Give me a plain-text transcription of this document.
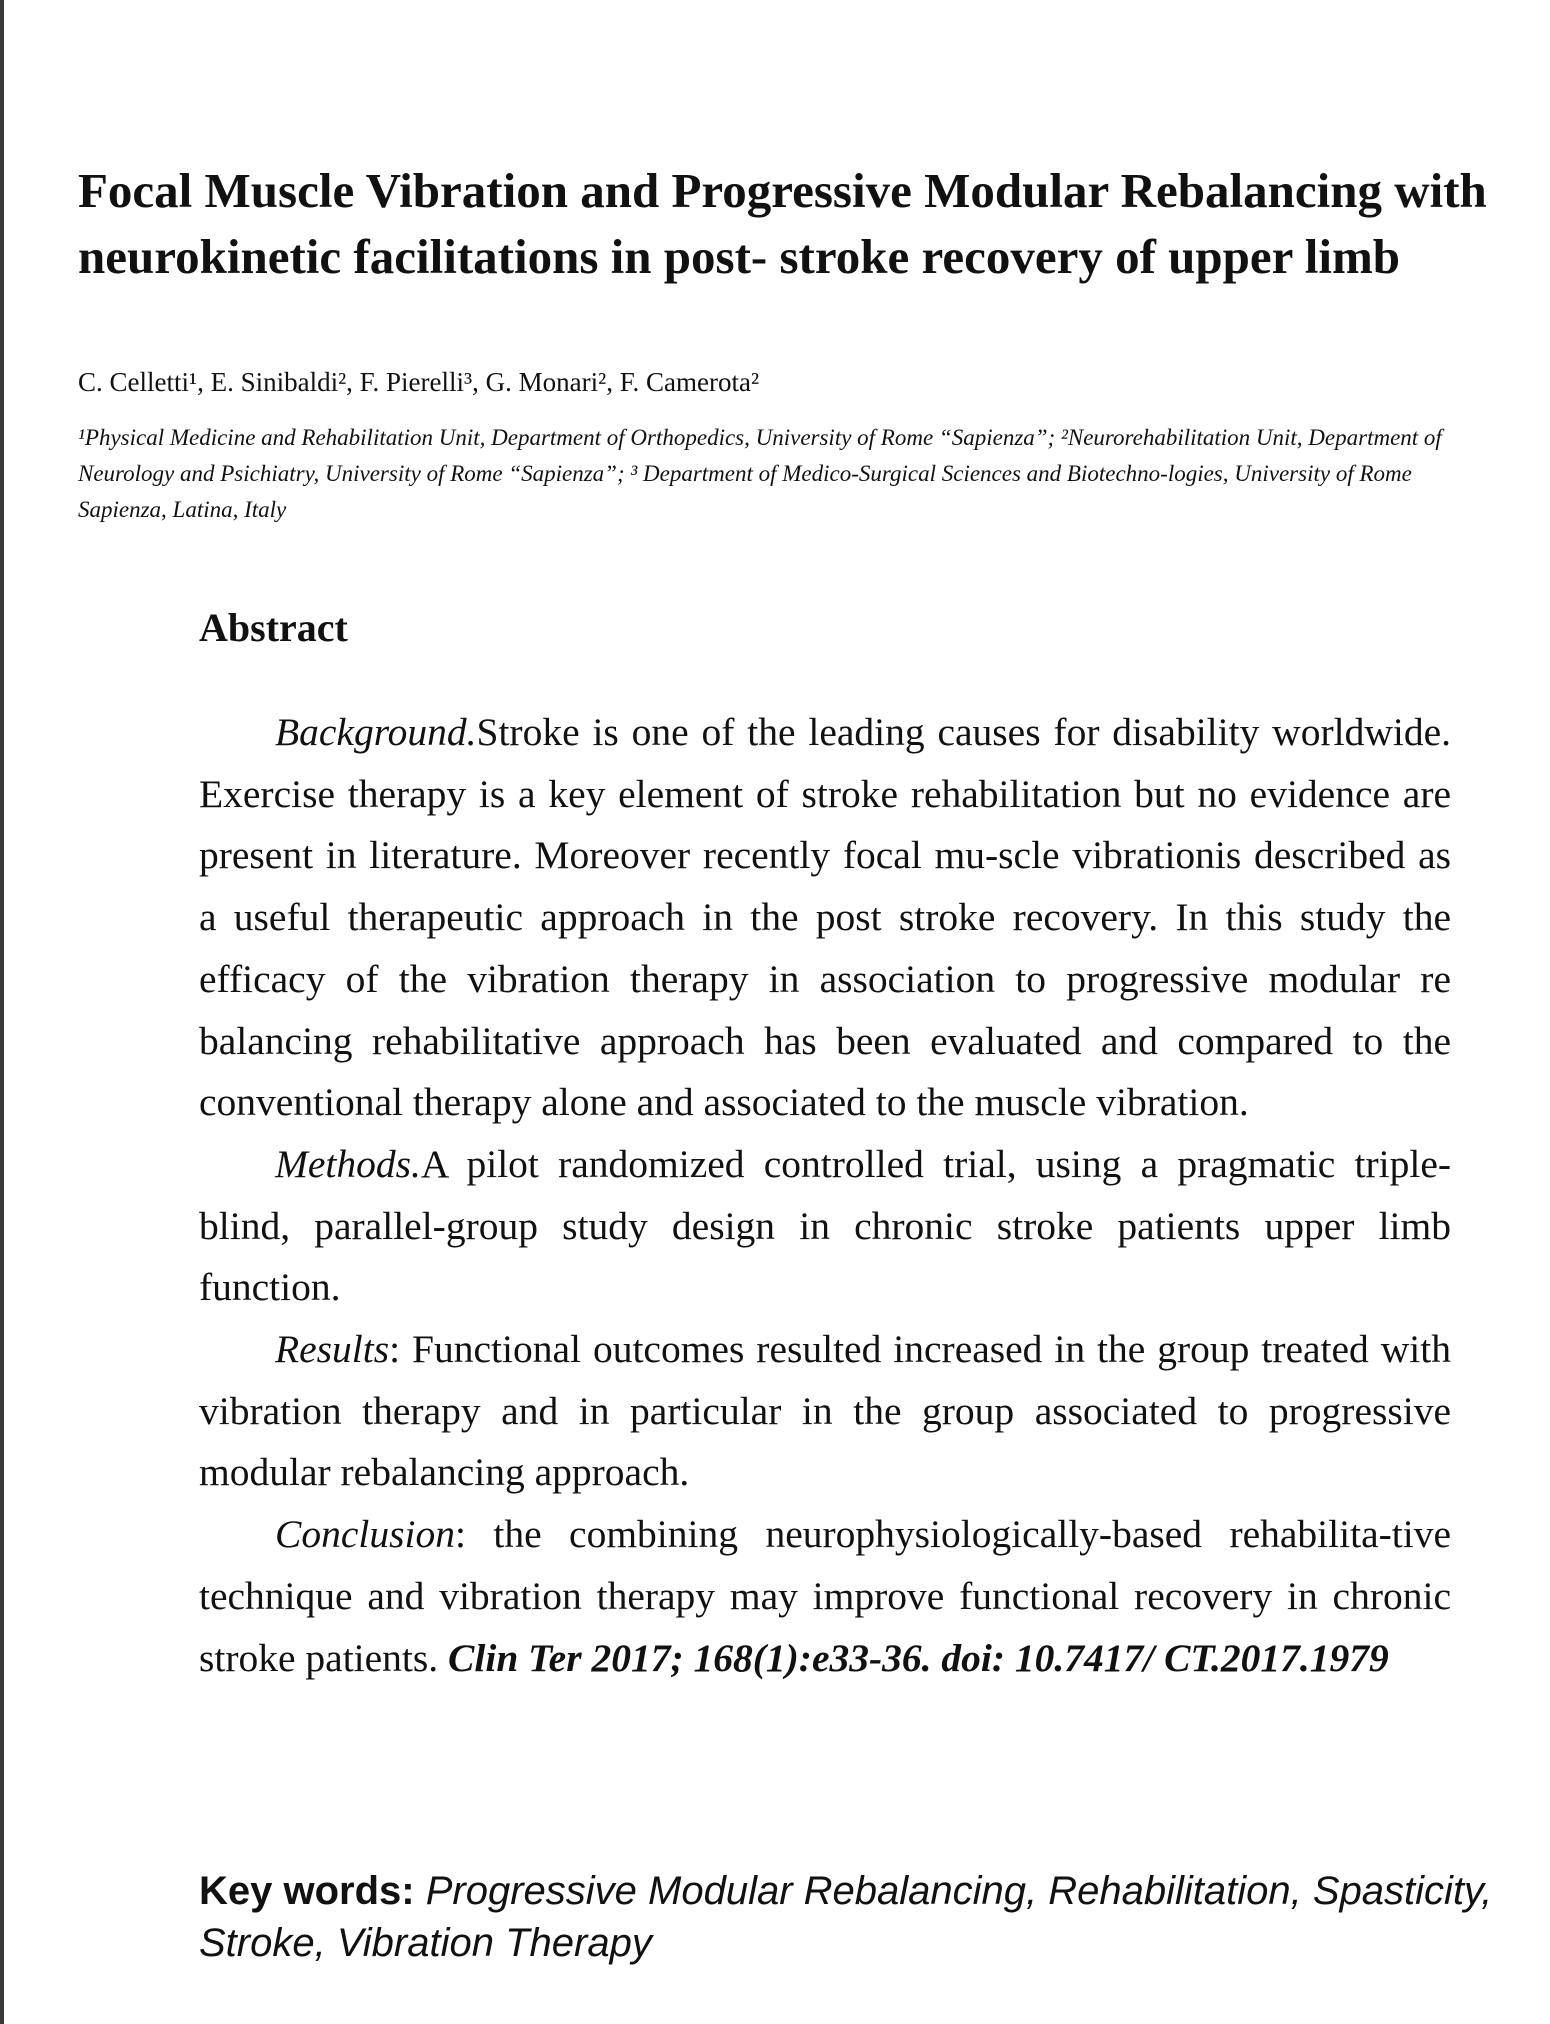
Focal Muscle Vibration and Progressive Modular Rebalancing with neurokinetic facilitations in post- stroke recovery of upper limb
C. Celletti¹, E. Sinibaldi², F. Pierelli³, G. Monari², F. Camerota²
¹Physical Medicine and Rehabilitation Unit, Department of Orthopedics, University of Rome “Sapienza”; ²Neurorehabilitation Unit, Department of Neurology and Psichiatry, University of Rome “Sapienza”; ³ Department of Medico-Surgical Sciences and Biotechno-logies, University of Rome Sapienza, Latina, Italy
Abstract

Background.Stroke is one of the leading causes for disability worldwide. Exercise therapy is a key element of stroke rehabilitation but no evidence are present in literature. Moreover recently focal mu-scle vibrationis described as a useful therapeutic approach in the post stroke recovery. In this study the efficacy of the vibration therapy in association to progressive modular re balancing rehabilitative approach has been evaluated and compared to the conventional therapy alone and associated to the muscle vibration.

Methods.A pilot randomized controlled trial, using a pragmatic triple-blind, parallel-group study design in chronic stroke patients upper limb function.

Results: Functional outcomes resulted increased in the group treated with vibration therapy and in particular in the group associated to progressive modular rebalancing approach.

Conclusion: the combining neurophysiologically-based rehabilita-tive technique and vibration therapy may improve functional recovery in chronic stroke patients. Clin Ter 2017; 168(1):e33-36. doi: 10.7417/ CT.2017.1979

Key words: Progressive Modular Rebalancing, Rehabilitation, Spasticity, Stroke, Vibration Therapy
